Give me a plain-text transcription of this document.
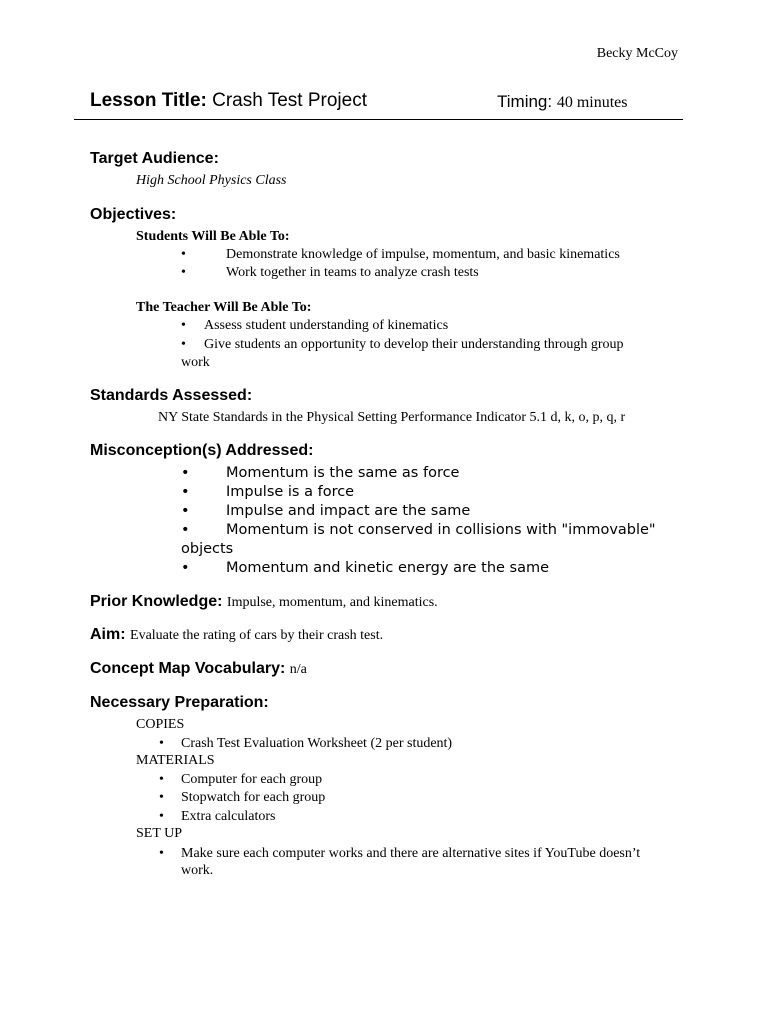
Becky McCoy
Lesson Title: Crash Test Project	Timing: 40 minutes
Target Audience:
High School Physics Class
Objectives:
Students Will Be Able To:
•	Demonstrate knowledge of impulse, momentum, and basic kinematics
•	Work together in teams to analyze crash tests
The Teacher Will Be Able To:
• Assess student understanding of kinematics
• Give students an opportunity to develop their understanding through group
work
Standards Assessed:
NY State Standards in the Physical Setting Performance Indicator 5.1 d, k, o, p, q, r
Misconception(s) Addressed:
•	Momentum is the same as force
•	Impulse is a force
•	Impulse and impact are the same
•	Momentum is not conserved in collisions with "immovable"
objects
•	Momentum and kinetic energy are the same
Prior Knowledge: Impulse, momentum, and kinematics.
Aim: Evaluate the rating of cars by their crash test.
Concept Map Vocabulary: n/a
Necessary Preparation:
COPIES
• Crash Test Evaluation Worksheet (2 per student)
MATERIALS
• Computer for each group
• Stopwatch for each group
• Extra calculators
SET UP
• Make sure each computer works and there are alternative sites if YouTube doesn’t
work.
